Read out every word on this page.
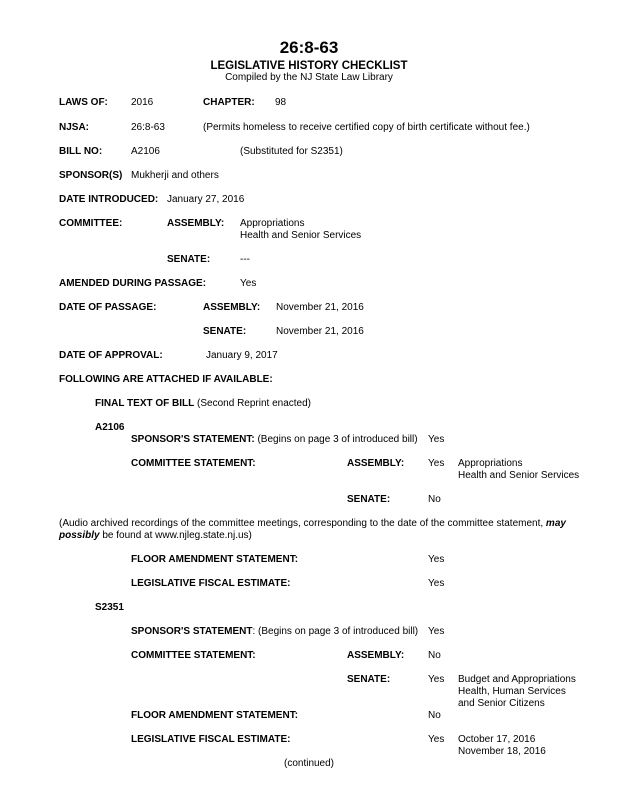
26:8-63
LEGISLATIVE HISTORY CHECKLIST
Compiled by the NJ State Law Library
LAWS OF: 2016	CHAPTER: 98
NJSA:	26:8-63	(Permits homeless to receive certified copy of birth certificate without fee.)
BILL NO:	A2106	(Substituted for S2351)
SPONSOR(S) Mukherji and others
DATE INTRODUCED: January 27, 2016
COMMITTEE:	ASSEMBLY: Appropriations
Health and Senior Services
SENATE:	---
AMENDED DURING PASSAGE:	Yes
DATE OF PASSAGE:	ASSEMBLY: November 21, 2016
SENATE:	November 21, 2016
DATE OF APPROVAL:	January 9, 2017
FOLLOWING ARE ATTACHED IF AVAILABLE:
FINAL TEXT OF BILL (Second Reprint enacted)
A2106
SPONSOR'S STATEMENT: (Begins on page 3 of introduced bill) Yes
COMMITTEE STATEMENT:	ASSEMBLY: Yes Appropriations
Health and Senior Services
SENATE:	No
(Audio archived recordings of the committee meetings, corresponding to the date of the committee statement, may
possibly be found at www.njleg.state.nj.us)
FLOOR AMENDMENT STATEMENT:	Yes
LEGISLATIVE FISCAL ESTIMATE:	Yes
S2351
SPONSOR'S STATEMENT: (Begins on page 3 of introduced bill) Yes
COMMITTEE STATEMENT:	ASSEMBLY: No
SENATE:	Yes Budget and Appropriations
Health, Human Services
and Senior Citizens
FLOOR AMENDMENT STATEMENT:	No
LEGISLATIVE FISCAL ESTIMATE:	Yes October 17, 2016
November 18, 2016
(continued)
